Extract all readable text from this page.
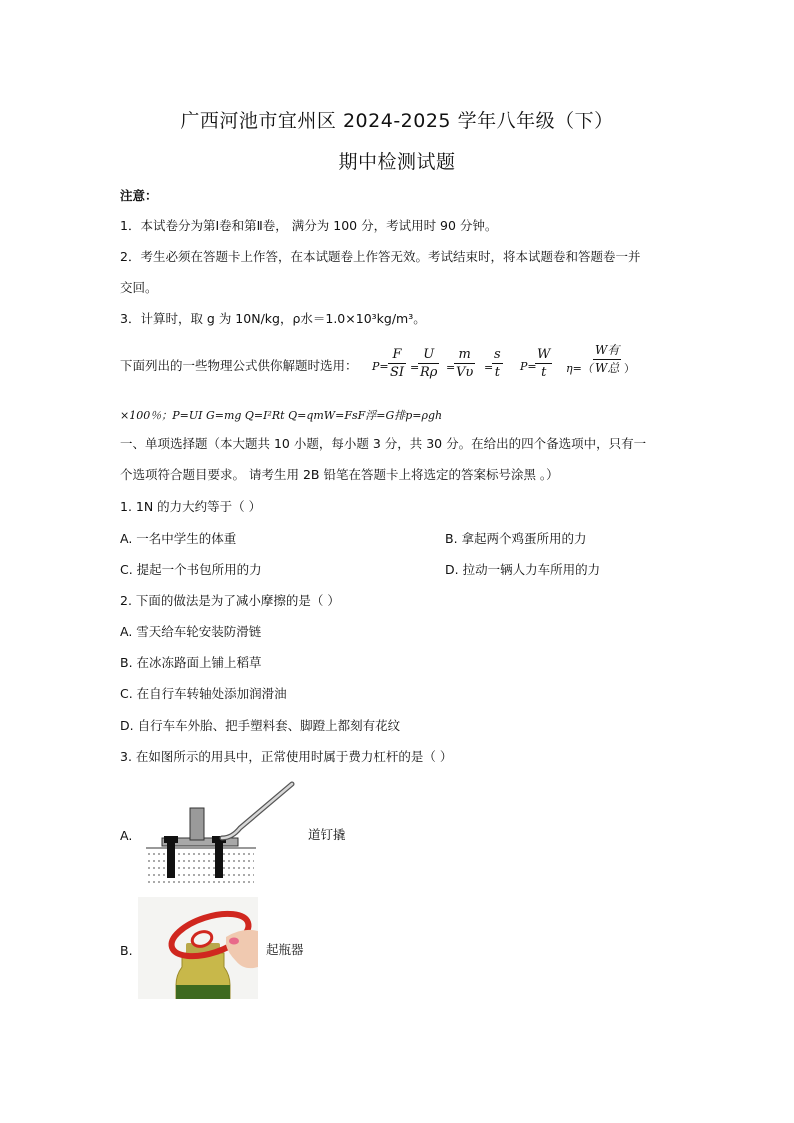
广西河池市宜州区 2024-2025 学年八年级（下）
期中检测试题
注意：
1．本试卷分为第Ⅰ卷和第Ⅱ卷， 满分为 100 分，考试用时 90 分钟。
2．考生必须在答题卡上作答，在本试题卷上作答无效。考试结束时，将本试题卷和答题卷一并
交回。
3．计算时，取 g 为 10N/kg，ρ水＝1.0×10³kg/m³。
下面列出的一些物理公式供你解题时选用： $P= \frac{F}{SI}$ =
$\frac{U}{R\rho}$ =
$\frac{m}{V\upsilon}$ =
$\frac{s}{t} P=$
$\frac{W}{t} \eta=$（
W有
W总 ）
×100％；P=UI G=mg Q=I²Rt Q=qmW=FsF浮=G排p=ρgh
一、单项选择题（本大题共 10 小题，每小题 3 分，共 30 分。在给出的四个备选项中，只有一
个选项符合题目要求。 请考生用 2B 铅笔在答题卡上将选定的答案标号涂黑 。）
1. 1N 的力大约等于（ ）
A. 一名中学生的体重	B. 拿起两个鸡蛋所用的力
C. 提起一个书包所用的力	D. 拉动一辆人力车所用的力
2. 下面的做法是为了减小摩擦的是（ ）
A. 雪天给车轮安装防滑链
B. 在冰冻路面上铺上稻草
C. 在自行车转轴处添加润滑油
D. 自行车车外胎、把手塑料套、脚蹬上都刻有花纹
3. 在如图所示的用具中，正常使用时属于费力杠杆的是（ ）
A.	道钉撬
B.	起瓶器
